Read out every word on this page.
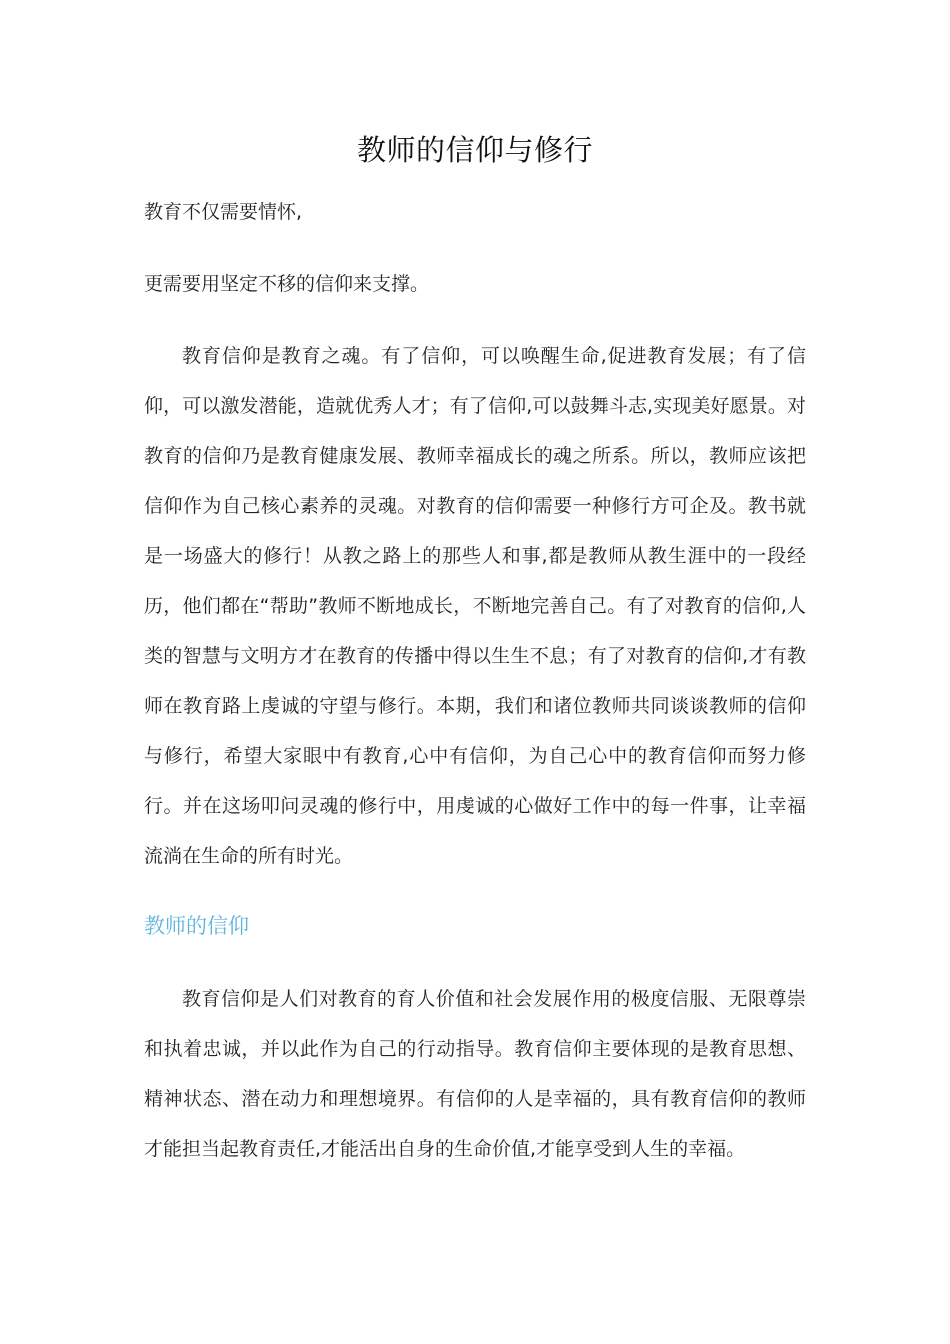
教师的信仰与修行
教育不仅需要情怀,
更需要用坚定不移的信仰来支撑。

教育信仰是教育之魂。有了信仰，可以唤醒生命,促进教育发展；有了信仰，可以激发潜能，造就优秀人才；有了信仰,可以鼓舞斗志,实现美好愿景。对教育的信仰乃是教育健康发展、教师幸福成长的魂之所系。所以，教师应该把信仰作为自己核心素养的灵魂。对教育的信仰需要一种修行方可企及。教书就是一场盛大的修行！从教之路上的那些人和事,都是教师从教生涯中的一段经历，他们都在“帮助”教师不断地成长，不断地完善自己。有了对教育的信仰,人类的智慧与文明方才在教育的传播中得以生生不息；有了对教育的信仰,才有教师在教育路上虔诚的守望与修行。本期，我们和诸位教师共同谈谈教师的信仰与修行，希望大家眼中有教育,心中有信仰，为自己心中的教育信仰而努力修行。并在这场叩问灵魂的修行中，用虔诚的心做好工作中的每一件事，让幸福流淌在生命的所有时光。

教师的信仰

教育信仰是人们对教育的育人价值和社会发展作用的极度信服、无限尊崇和执着忠诚，并以此作为自己的行动指导。教育信仰主要体现的是教育思想、精神状态、潜在动力和理想境界。有信仰的人是幸福的，具有教育信仰的教师才能担当起教育责任,才能活出自身的生命价值,才能享受到人生的幸福。
